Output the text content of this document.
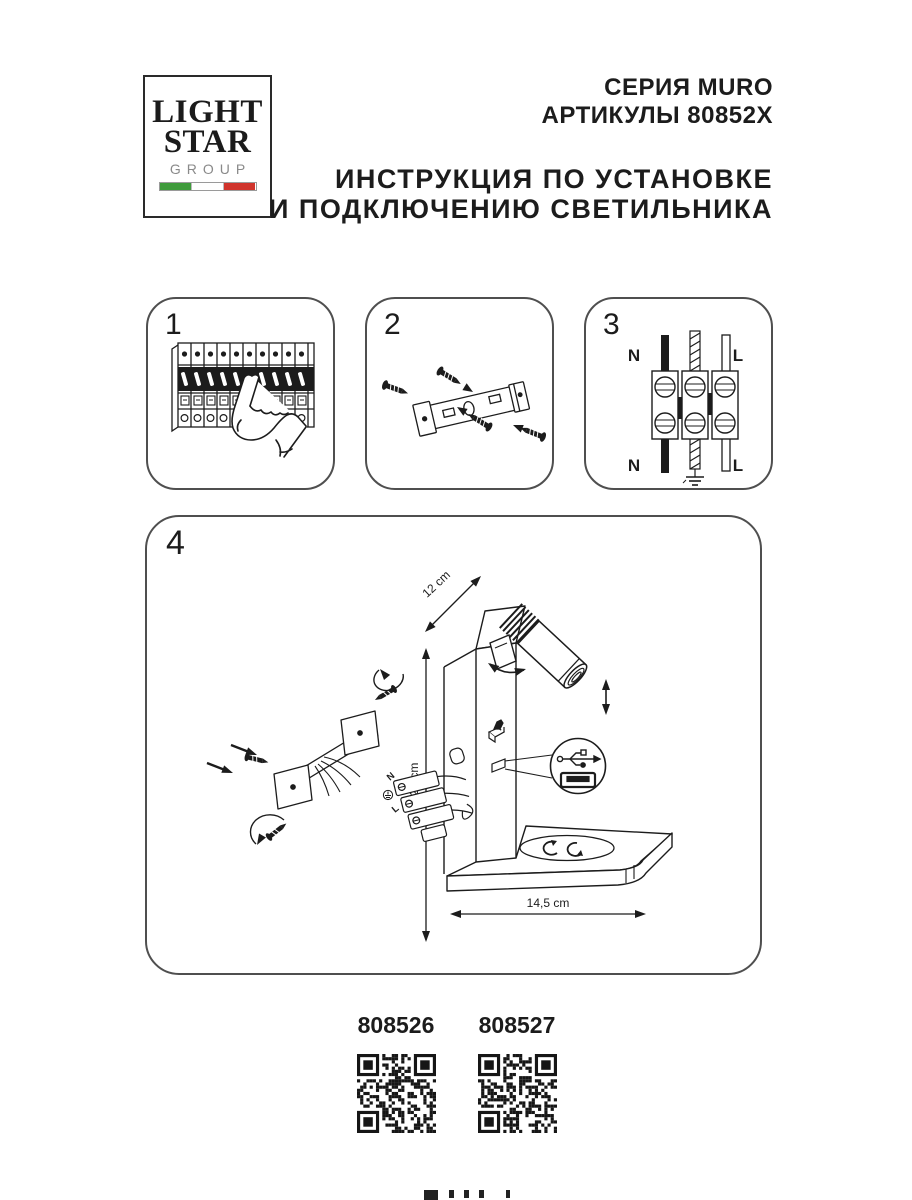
LIGHT
STAR
GROUP
СЕРИЯ MURO
АРТИКУЛЫ 80852X
ИНСТРУКЦИЯ ПО УСТАНОВКЕ
И ПОДКЛЮЧЕНИЮ СВЕТИЛЬНИКА
1	2	3
N	L
N	L
4
12 cm
14,5 cm
N
L
808526	808527
